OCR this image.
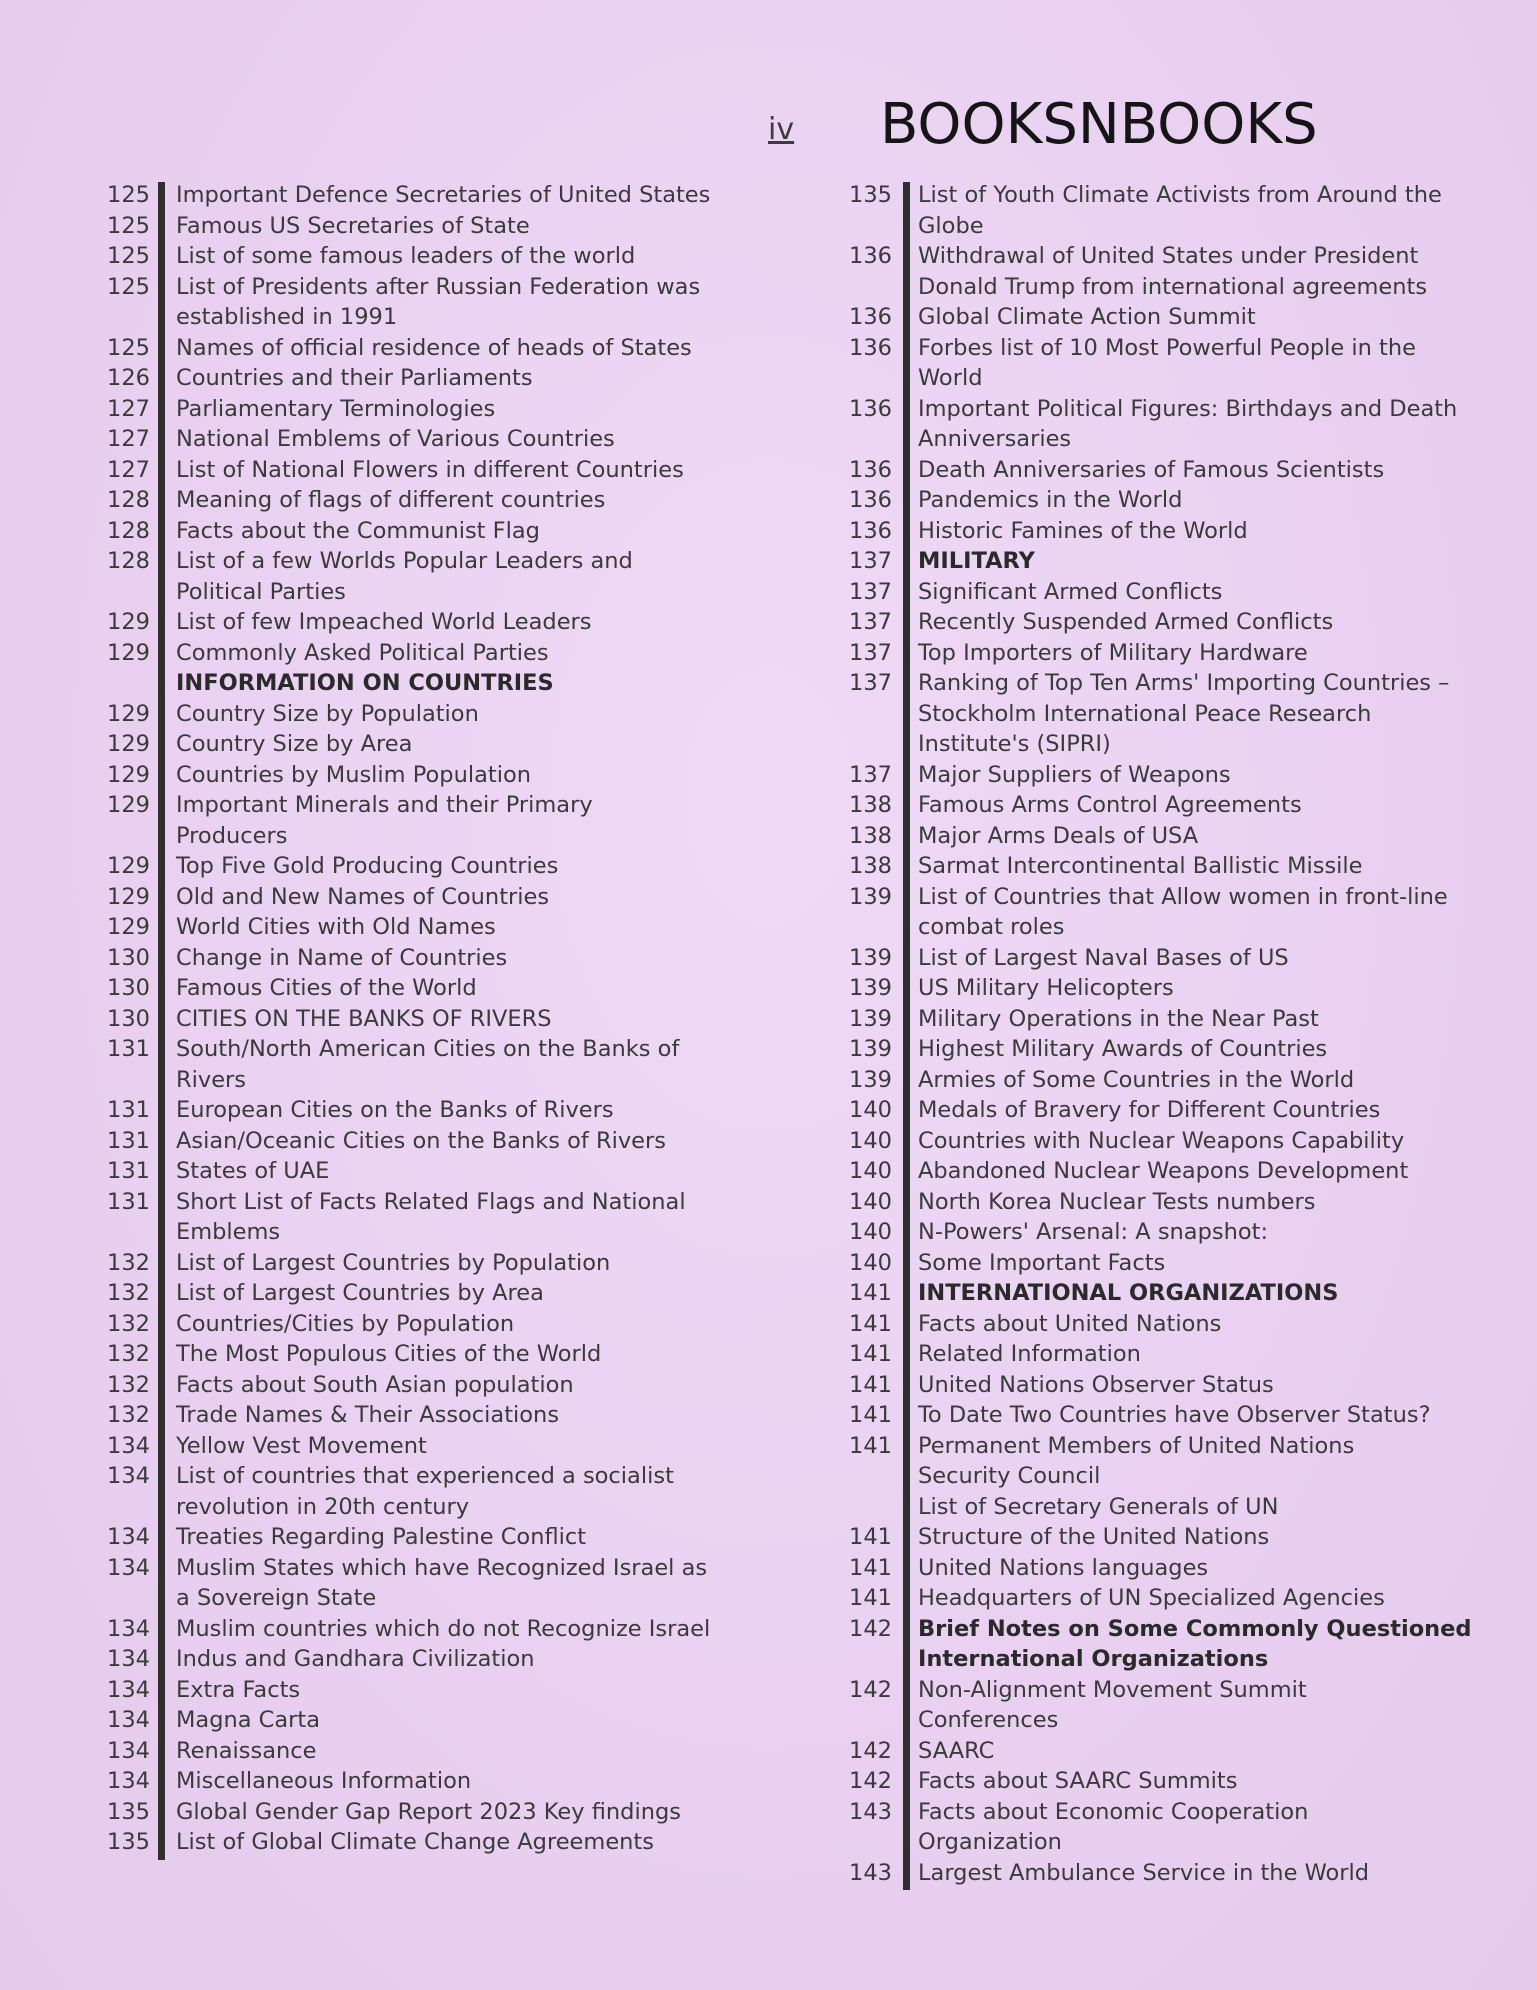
iv BOOKSNBOOKS
125 Important Defence Secretaries of United States
125 Famous US Secretaries of State
125 List of some famous leaders of the world
125 List of Presidents after Russian Federation was
established in 1991
125 Names of official residence of heads of States
126 Countries and their Parliaments
127 Parliamentary Terminologies
127 National Emblems of Various Countries
127 List of National Flowers in different Countries
128 Meaning of flags of different countries
128 Facts about the Communist Flag
128 List of a few Worlds Popular Leaders and
Political Parties
129 List of few Impeached World Leaders
129 Commonly Asked Political Parties
INFORMATION ON COUNTRIES
129 Country Size by Population
129 Country Size by Area
129 Countries by Muslim Population
129 Important Minerals and their Primary
Producers
129 Top Five Gold Producing Countries
129 Old and New Names of Countries
129 World Cities with Old Names
130 Change in Name of Countries
130 Famous Cities of the World
130 CITIES ON THE BANKS OF RIVERS
131 South/North American Cities on the Banks of
Rivers
131 European Cities on the Banks of Rivers
131 Asian/Oceanic Cities on the Banks of Rivers
131 States of UAE
131 Short List of Facts Related Flags and National
Emblems
132 List of Largest Countries by Population
132 List of Largest Countries by Area
132 Countries/Cities by Population
132 The Most Populous Cities of the World
132 Facts about South Asian population
132 Trade Names & Their Associations
134 Yellow Vest Movement
134 List of countries that experienced a socialist
revolution in 20th century
134 Treaties Regarding Palestine Conflict
134 Muslim States which have Recognized Israel as
a Sovereign State
134 Muslim countries which do not Recognize Israel
134 Indus and Gandhara Civilization
134 Extra Facts
134 Magna Carta
134 Renaissance
134 Miscellaneous Information
135 Global Gender Gap Report 2023 Key findings
135 List of Global Climate Change Agreements
135 List of Youth Climate Activists from Around the
Globe
136 Withdrawal of United States under President
Donald Trump from international agreements
136 Global Climate Action Summit
136 Forbes list of 10 Most Powerful People in the
World
136 Important Political Figures: Birthdays and Death
Anniversaries
136 Death Anniversaries of Famous Scientists
136 Pandemics in the World
136 Historic Famines of the World
137 MILITARY
137 Significant Armed Conflicts
137 Recently Suspended Armed Conflicts
137 Top Importers of Military Hardware
137 Ranking of Top Ten Arms' Importing Countries –
Stockholm International Peace Research
Institute's (SIPRI)
137 Major Suppliers of Weapons
138 Famous Arms Control Agreements
138 Major Arms Deals of USA
138 Sarmat Intercontinental Ballistic Missile
139 List of Countries that Allow women in front-line
combat roles
139 List of Largest Naval Bases of US
139 US Military Helicopters
139 Military Operations in the Near Past
139 Highest Military Awards of Countries
139 Armies of Some Countries in the World
140 Medals of Bravery for Different Countries
140 Countries with Nuclear Weapons Capability
140 Abandoned Nuclear Weapons Development
140 North Korea Nuclear Tests numbers
140 N-Powers' Arsenal: A snapshot:
140 Some Important Facts
141 INTERNATIONAL ORGANIZATIONS
141 Facts about United Nations
141 Related Information
141 United Nations Observer Status
141 To Date Two Countries have Observer Status?
141 Permanent Members of United Nations
Security Council
List of Secretary Generals of UN
141 Structure of the United Nations
141 United Nations languages
141 Headquarters of UN Specialized Agencies
142 Brief Notes on Some Commonly Questioned
International Organizations
142 Non-Alignment Movement Summit
Conferences
142 SAARC
142 Facts about SAARC Summits
143 Facts about Economic Cooperation
Organization
143 Largest Ambulance Service in the World
